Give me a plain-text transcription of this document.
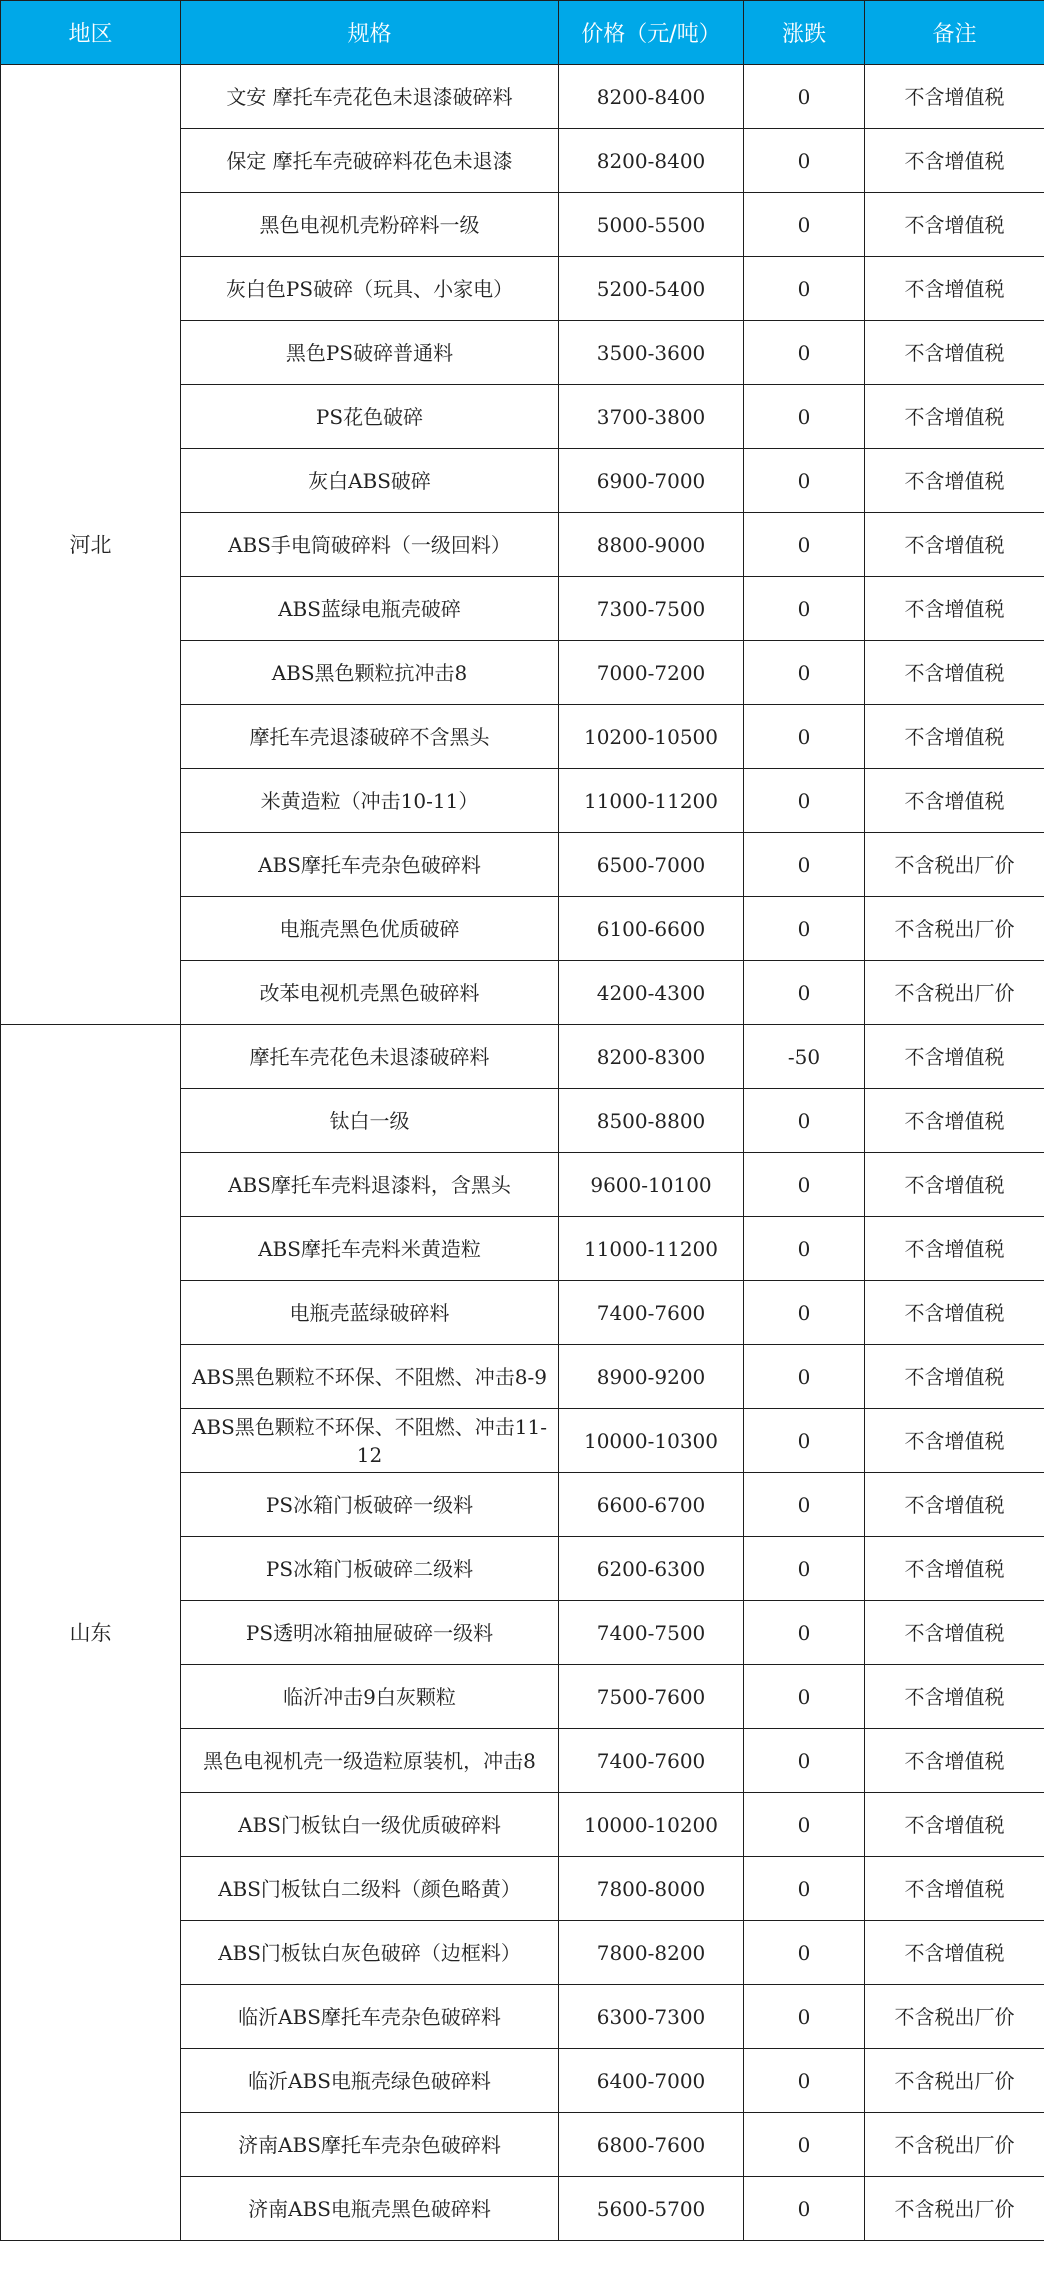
地区	规格	价格（元/吨）	涨跌	备注
河北	文安 摩托车壳花色未退漆破碎料	8200-8400	0	不含增值税
	保定 摩托车壳破碎料花色未退漆	8200-8400	0	不含增值税
	黑色电视机壳粉碎料一级	5000-5500	0	不含增值税
	灰白色PS破碎（玩具、小家电）	5200-5400	0	不含增值税
	黑色PS破碎普通料	3500-3600	0	不含增值税
	PS花色破碎	3700-3800	0	不含增值税
	灰白ABS破碎	6900-7000	0	不含增值税
	ABS手电筒破碎料（一级回料）	8800-9000	0	不含增值税
	ABS蓝绿电瓶壳破碎	7300-7500	0	不含增值税
	ABS黑色颗粒抗冲击8	7000-7200	0	不含增值税
	摩托车壳退漆破碎不含黑头	10200-10500	0	不含增值税
	米黄造粒（冲击10-11）	11000-11200	0	不含增值税
	ABS摩托车壳杂色破碎料	6500-7000	0	不含税出厂价
	电瓶壳黑色优质破碎	6100-6600	0	不含税出厂价
	改苯电视机壳黑色破碎料	4200-4300	0	不含税出厂价
山东	摩托车壳花色未退漆破碎料	8200-8300	-50	不含增值税
	钛白一级	8500-8800	0	不含增值税
	ABS摩托车壳料退漆料，含黑头	9600-10100	0	不含增值税
	ABS摩托车壳料米黄造粒	11000-11200	0	不含增值税
	电瓶壳蓝绿破碎料	7400-7600	0	不含增值税
	ABS黑色颗粒不环保、不阻燃、冲击8-9	8900-9200	0	不含增值税
	ABS黑色颗粒不环保、不阻燃、冲击11-12	10000-10300	0	不含增值税
	PS冰箱门板破碎一级料	6600-6700	0	不含增值税
	PS冰箱门板破碎二级料	6200-6300	0	不含增值税
	PS透明冰箱抽屉破碎一级料	7400-7500	0	不含增值税
	临沂冲击9白灰颗粒	7500-7600	0	不含增值税
	黑色电视机壳一级造粒原装机，冲击8	7400-7600	0	不含增值税
	ABS门板钛白一级优质破碎料	10000-10200	0	不含增值税
	ABS门板钛白二级料（颜色略黄）	7800-8000	0	不含增值税
	ABS门板钛白灰色破碎（边框料）	7800-8200	0	不含增值税
	临沂ABS摩托车壳杂色破碎料	6300-7300	0	不含税出厂价
	临沂ABS电瓶壳绿色破碎料	6400-7000	0	不含税出厂价
	济南ABS摩托车壳杂色破碎料	6800-7600	0	不含税出厂价
	济南ABS电瓶壳黑色破碎料	5600-5700	0	不含税出厂价
